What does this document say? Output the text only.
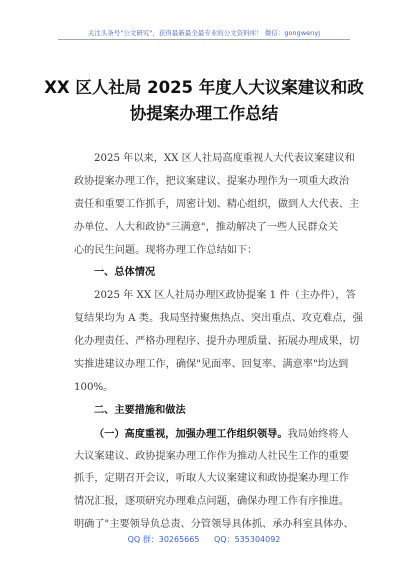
关注头条号"公文研究"，获得最新最全最专业的公文资料库！ 微信：gongwenyj
XX 区人社局 2025 年度人大议案建议和政
协提案办理工作总结
2025 年以来，XX 区人社局高度重视人大代表议案建议和
政协提案办理工作，把议案建议、提案办理作为一项重大政治
责任和重要工作抓手，周密计划、精心组织，做到人大代表、主
办单位、人大和政协"三满意"，推动解决了一些人民群众关
心的民生问题。现将办理工作总结如下：
一、总体情况
2025 年 XX 区人社局办理区政协提案 1 件（主办件），答
复结果均为 A 类。我局坚持聚焦热点、突出重点、攻克难点，强
化办理责任、严格办理程序、提升办理质量、拓展办理成果，切
实推进建议办理工作，确保"见面率、回复率、满意率"均达到
100%。
二、主要措施和做法
（一）高度重视，加强办理工作组织领导。我局始终将人
大议案建议、政协提案办理工作作为推动人社民生工作的重要
抓手，定期召开会议，听取人大议案建议和政协提案办理工作
情况汇报，逐项研究办理难点问题，确保办理工作有序推进。
明确了"主要领导负总责、分管领导具体抓、承办科室具体办、
QQ 群：30265665 QQ：535304092
